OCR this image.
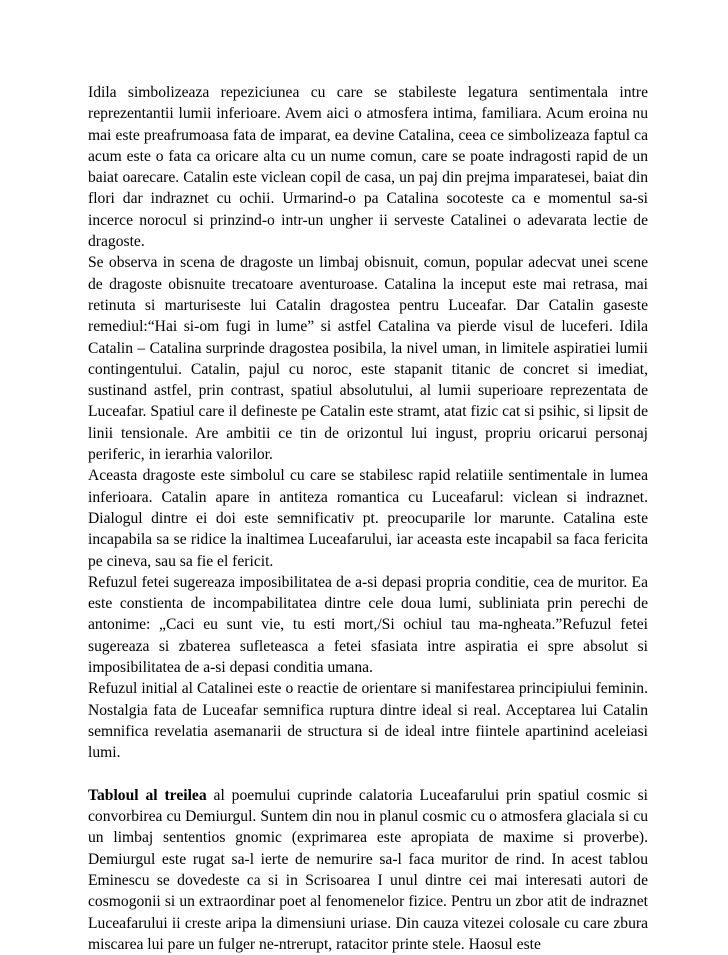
Idila simbolizeaza repeziciunea cu care se stabileste legatura sentimentala intre reprezentantii lumii inferioare. Avem aici o atmosfera intima, familiara. Acum eroina nu mai este preafrumoasa fata de imparat, ea devine Catalina, ceea ce simbolizeaza faptul ca acum este o fata ca oricare alta cu un nume comun, care se poate indragosti rapid de un baiat oarecare. Catalin este viclean copil de casa, un paj din prejma imparatesei, baiat din flori dar indraznet cu ochii. Urmarind-o pa Catalina socoteste ca e momentul sa-si incerce norocul si prinzind-o intr-un ungher ii serveste Catalinei o adevarata lectie de dragoste.

Se observa in scena de dragoste un limbaj obisnuit, comun, popular adecvat unei scene de dragoste obisnuite trecatoare aventuroase. Catalina la inceput este mai retrasa, mai retinuta si marturiseste lui Catalin dragostea pentru Luceafar. Dar Catalin gaseste remediul:“Hai si-om fugi in lume” si astfel Catalina va pierde visul de luceferi. Idila Catalin – Catalina surprinde dragostea posibila, la nivel uman, in limitele aspiratiei lumii contingentului. Catalin, pajul cu noroc, este stapanit titanic de concret si imediat, sustinand astfel, prin contrast, spatiul absolutului, al lumii superioare reprezentata de Luceafar. Spatiul care il defineste pe Catalin este stramt, atat fizic cat si psihic, si lipsit de linii tensionale. Are ambitii ce tin de orizontul lui ingust, propriu oricarui personaj periferic, in ierarhia valorilor.

Aceasta dragoste este simbolul cu care se stabilesc rapid relatiile sentimentale in lumea inferioara. Catalin apare in antiteza romantica cu Luceafarul: viclean si indraznet. Dialogul dintre ei doi este semnificativ pt. preocuparile lor marunte. Catalina este incapabila sa se ridice la inaltimea Luceafarului, iar aceasta este incapabil sa faca fericita pe cineva, sau sa fie el fericit.

Refuzul fetei sugereaza imposibilitatea de a-si depasi propria conditie, cea de muritor. Ea este constienta de incompabilitatea dintre cele doua lumi, subliniata prin perechi de antonime: „Caci eu sunt vie, tu esti mort,/Si ochiul tau ma-ngheata.”Refuzul fetei sugereaza si zbaterea sufleteasca a fetei sfasiata intre aspiratia ei spre absolut si imposibilitatea de a-si depasi conditia umana.

Refuzul initial al Catalinei este o reactie de orientare si manifestarea principiului feminin. Nostalgia fata de Luceafar semnifica ruptura dintre ideal si real. Acceptarea lui Catalin semnifica revelatia asemanarii de structura si de ideal intre fiintele apartinind aceleiasi lumi.

Tabloul al treilea al poemului cuprinde calatoria Luceafarului prin spatiul cosmic si convorbirea cu Demiurgul. Suntem din nou in planul cosmic cu o atmosfera glaciala si cu un limbaj sententios gnomic (exprimarea este apropiata de maxime si proverbe). Demiurgul este rugat sa-l ierte de nemurire sa-l faca muritor de rind. In acest tablou Eminescu se dovedeste ca si in Scrisoarea I unul dintre cei mai interesati autori de cosmogonii si un extraordinar poet al fenomenelor fizice. Pentru un zbor atit de indraznet Luceafarului ii creste aripa la dimensiuni uriase. Din cauza vitezei colosale cu care zbura miscarea lui pare un fulger ne-ntrerupt, ratacitor printe stele. Haosul este
